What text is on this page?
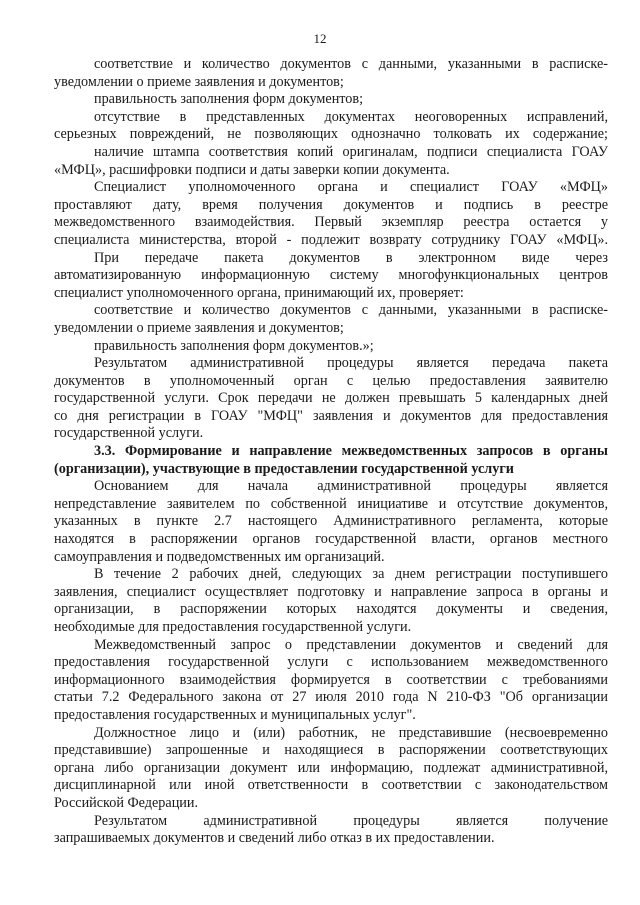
12
соответствие и количество документов с данными, указанными в расписке-
уведомлении о приеме заявления и документов;
правильность заполнения форм документов;
отсутствие в представленных документах неоговоренных исправлений,
серьезных повреждений, не позволяющих однозначно толковать их содержание;
наличие штампа соответствия копий оригиналам, подписи специалиста ГОАУ
«МФЦ», расшифровки подписи и даты заверки копии документа.
Специалист уполномоченного органа и специалист ГОАУ «МФЦ»
проставляют дату, время получения документов и подпись в реестре
межведомственного взаимодействия. Первый экземпляр реестра остается у
специалиста министерства, второй - подлежит возврату сотруднику ГОАУ «МФЦ».
При передаче пакета документов в электронном виде через
автоматизированную информационную систему многофункциональных центров
специалист уполномоченного органа, принимающий их, проверяет:
соответствие и количество документов с данными, указанными в расписке-
уведомлении о приеме заявления и документов;
правильность заполнения форм документов.»;
Результатом административной процедуры является передача пакета
документов в уполномоченный орган с целью предоставления заявителю
государственной услуги. Срок передачи не должен превышать 5 календарных дней
со дня регистрации в ГОАУ "МФЦ" заявления и документов для предоставления
государственной услуги.
3.3. Формирование и направление межведомственных запросов в органы
(организации), участвующие в предоставлении государственной услуги
Основанием для начала административной процедуры является
непредставление заявителем по собственной инициативе и отсутствие документов,
указанных в пункте 2.7 настоящего Административного регламента, которые
находятся в распоряжении органов государственной власти, органов местного
самоуправления и подведомственных им организаций.
В течение 2 рабочих дней, следующих за днем регистрации поступившего
заявления, специалист осуществляет подготовку и направление запроса в органы и
организации, в распоряжении которых находятся документы и сведения,
необходимые для предоставления государственной услуги.
Межведомственный запрос о представлении документов и сведений для
предоставления государственной услуги с использованием межведомственного
информационного взаимодействия формируется в соответствии с требованиями
статьи 7.2 Федерального закона от 27 июля 2010 года N 210-ФЗ "Об организации
предоставления государственных и муниципальных услуг".
Должностное лицо и (или) работник, не представившие (несвоевременно
представившие) запрошенные и находящиеся в распоряжении соответствующих
органа либо организации документ или информацию, подлежат административной,
дисциплинарной или иной ответственности в соответствии с законодательством
Российской Федерации.
Результатом административной процедуры является получение
запрашиваемых документов и сведений либо отказ в их предоставлении.
